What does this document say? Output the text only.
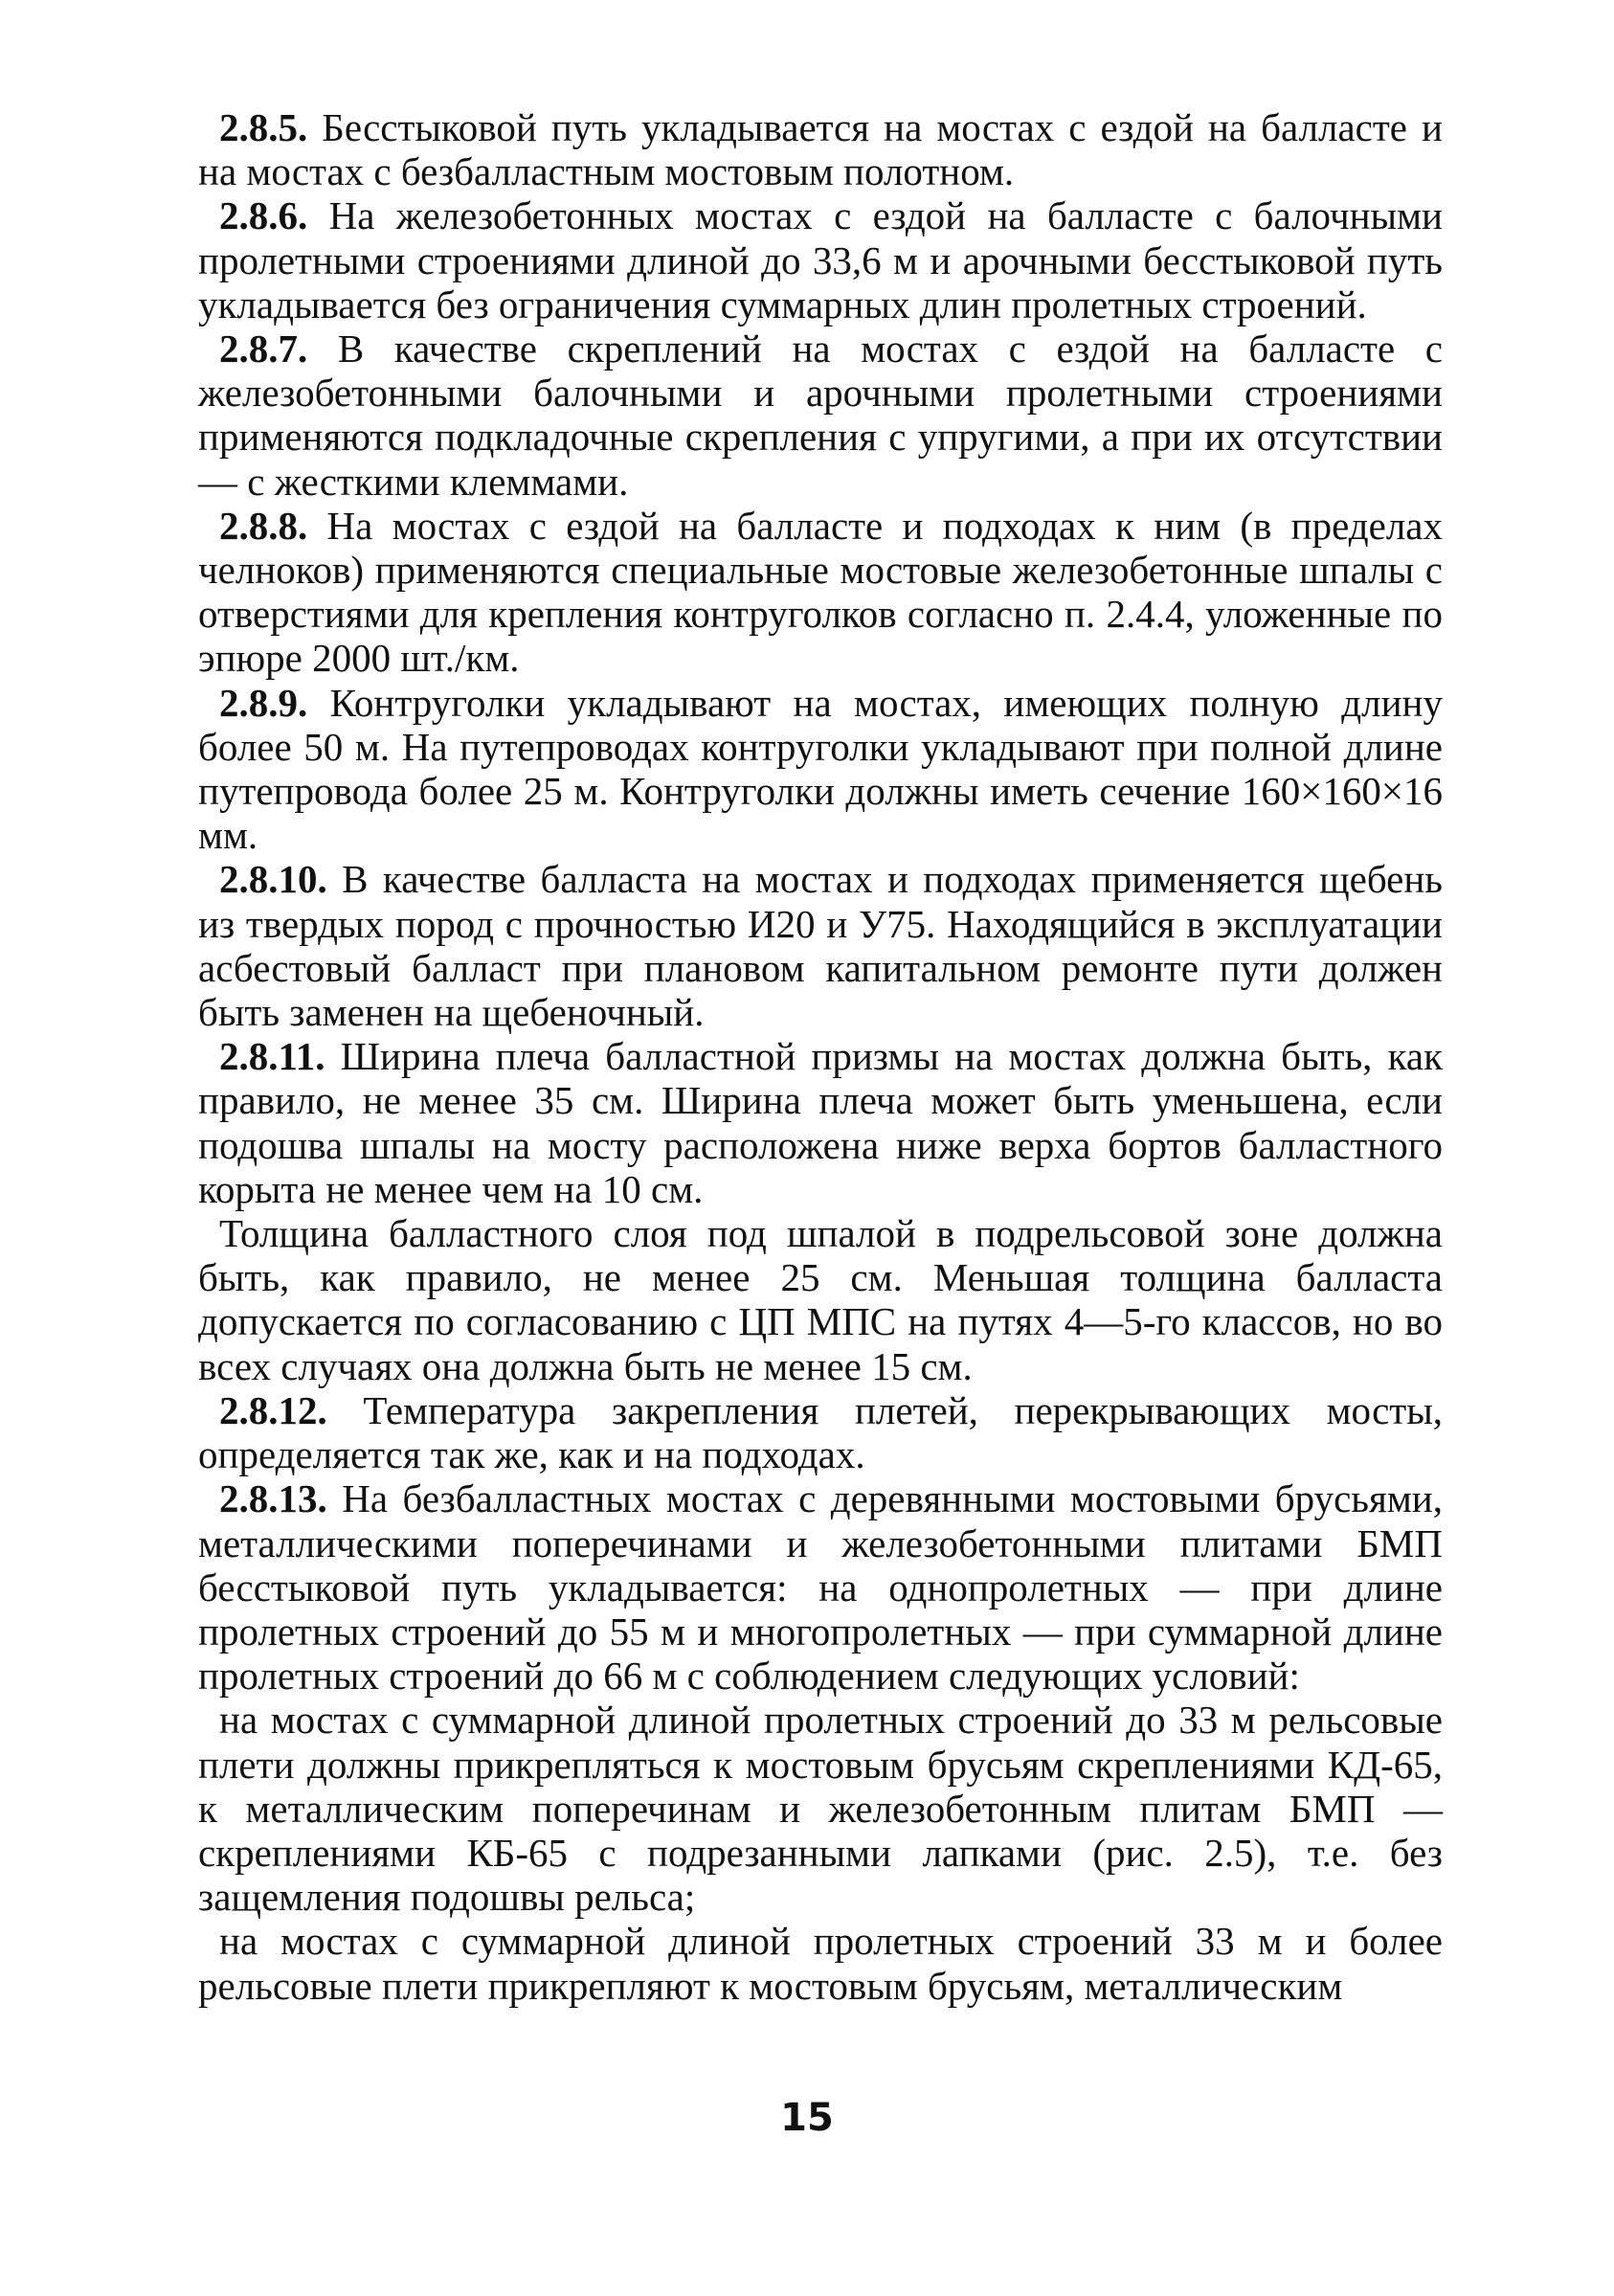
2.8.5. Бесстыковой путь укладывается на мостах с ездой на балласте и на мостах с безбалластным мостовым полотном.

2.8.6. На железобетонных мостах с ездой на балласте с балочными пролетными строениями длиной до 33,6 м и арочными бесстыковой путь укладывается без ограничения суммарных длин пролетных строений.

2.8.7. В качестве скреплений на мостах с ездой на балласте с железобетонными балочными и арочными пролетными строениями применяются подкладочные скрепления с упругими, а при их отсутствии — с жесткими клеммами.

2.8.8. На мостах с ездой на балласте и подходах к ним (в пределах челноков) применяются специальные мостовые железобетонные шпалы с отверстиями для крепления контруголков согласно п. 2.4.4, уложенные по эпюре 2000 шт./км.

2.8.9. Контруголки укладывают на мостах, имеющих полную длину более 50 м. На путепроводах контруголки укладывают при полной длине путепровода более 25 м. Контруголки должны иметь сечение 160×160×16 мм.

2.8.10. В качестве балласта на мостах и подходах применяется щебень из твердых пород с прочностью И20 и У75. Находящийся в эксплуатации асбестовый балласт при плановом капитальном ремонте пути должен быть заменен на щебеночный.

2.8.11. Ширина плеча балластной призмы на мостах должна быть, как правило, не менее 35 см. Ширина плеча может быть уменьшена, если подошва шпалы на мосту расположена ниже верха бортов балластного корыта не менее чем на 10 см.

Толщина балластного слоя под шпалой в подрельсовой зоне должна быть, как правило, не менее 25 см. Меньшая толщина балласта допускается по согласованию с ЦП МПС на путях 4—5-го классов, но во всех случаях она должна быть не менее 15 см.

2.8.12. Температура закрепления плетей, перекрывающих мосты, определяется так же, как и на подходах.

2.8.13. На безбалластных мостах с деревянными мостовыми брусьями, металлическими поперечинами и железобетонными плитами БМП бесстыковой путь укладывается: на однопролетных — при длине пролетных строений до 55 м и многопролетных — при суммарной длине пролетных строений до 66 м с соблюдением следующих условий:

на мостах с суммарной длиной пролетных строений до 33 м рельсовые плети должны прикрепляться к мостовым брусьям скреплениями КД-65, к металлическим поперечинам и железобетонным плитам БМП — скреплениями КБ-65 с подрезанными лапками (рис. 2.5), т.е. без защемления подошвы рельса;

на мостах с суммарной длиной пролетных строений 33 м и более рельсовые плети прикрепляют к мостовым брусьям, металлическим

15
